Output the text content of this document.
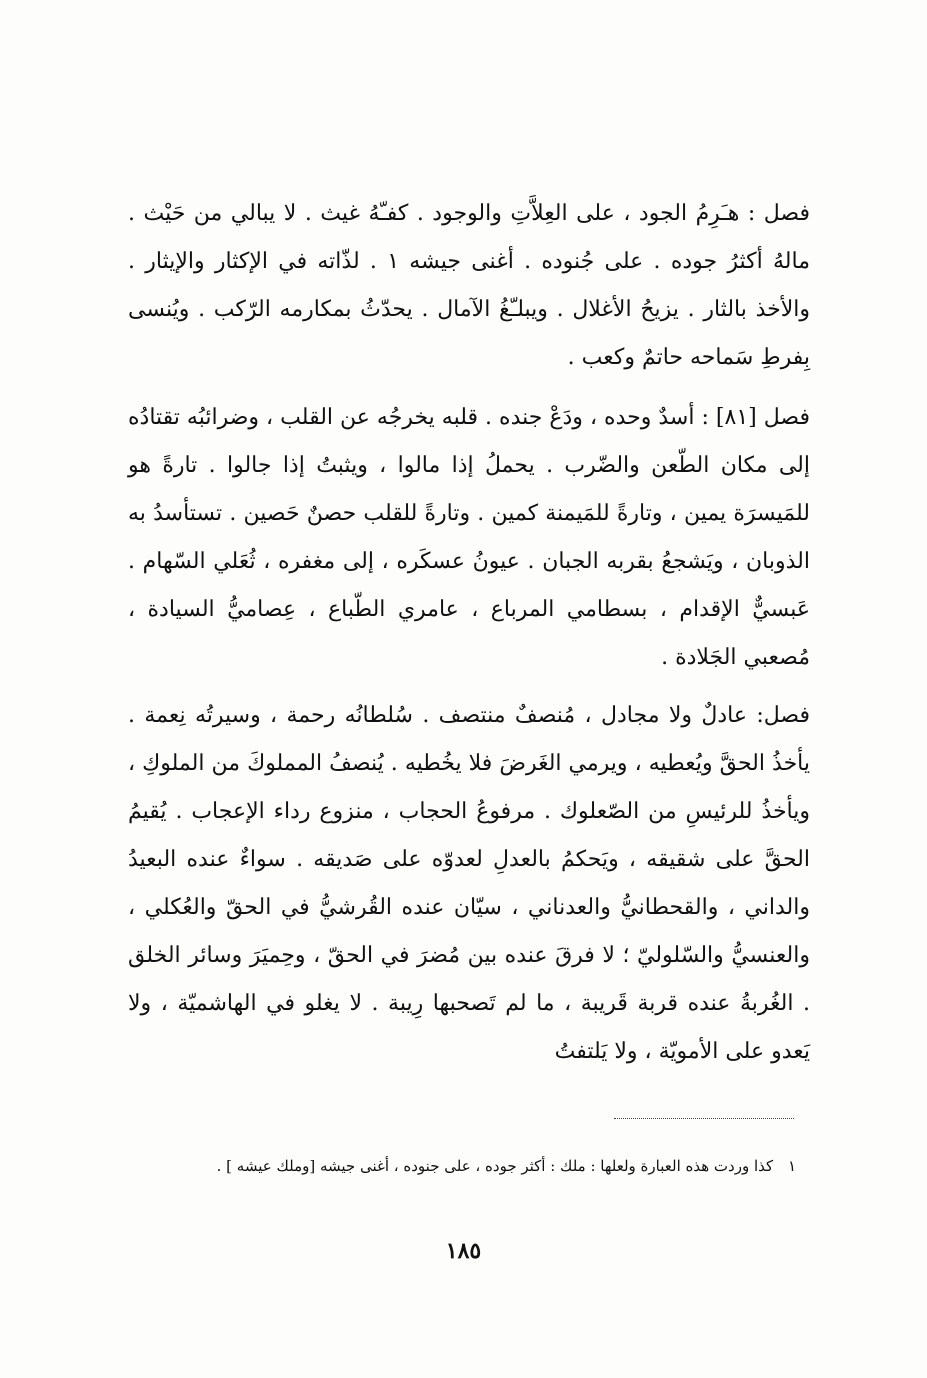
فصل : هـَرِمُ الجود ، على العِلاَّتِ والوجود . كفـّهُ غيث . لا يبالي من حَيْث . مالهُ أكثرُ جوده . على جُنوده . أغنى جيشه ١ . لذّاته في الإكثار والإيثار . والأخذ بالثار . يزيحُ الأغلال . ويبلـّغُ الآمال . يحدّثُ بمكارمه الرّكب . ويُنسى بِفرطِ سَماحه حاتمٌ وكعب .

فصل [٨١] : أسدٌ وحده ، ودَعْ جنده . قلبه يخرجُه عن القلب ، وضرائبُه تقتادُه إلى مكان الطّعن والضّرب . يحملُ إذا مالوا ، ويثبتُ إذا جالوا . تارةً هو للمَيسرَة يمين ، وتارةً للمَيمنة كمين . وتارةً للقلب حصنٌ حَصين . تستأسدُ به الذوبان ، ويَشجعُ بقربه الجبان . عيونُ عسكَره ، إلى مغفره ، ثُعَلي السّهام . عَبسيٌّ الإقدام ، بسطامي المرباع ، عامري الطّباع ، عِصاميُّ السيادة ، مُصعبي الجَلادة .

فصل: عادلٌ ولا مجادل ، مُنصفٌ منتصف . سُلطانُه رحمة ، وسيرتُه نِعمة . يأخذُ الحقَّ ويُعطيه ، ويرمي الغَرضَ فلا يخُطيه . يُنصفُ المملوكَ من الملوكِ ، ويأخذُ للرئيسِ من الصّعلوك . مرفوعُ الحجاب ، منزوع رداء الإعجاب . يُقيمُ الحقَّ على شقيقه ، ويَحكمُ بالعدلِ لعدوّه على صَديقه . سواءٌ عنده البعيدُ والداني ، والقحطانيُّ والعدناني ، سيّان عنده القُرشيُّ في الحقّ والعُكلي ، والعنسيُّ والسّلوليّ ؛ لا فرقَ عنده بين مُضرَ في الحقّ ، وحِميَرَ وسائر الخلق . الغُربةُ عنده قربة قَريبة ، ما لم تَصحبها رِيبة . لا يغلو في الهاشميّة ، ولا يَعدو على الأمويّة ، ولا يَلتفتُ

١ كذا وردت هذه العبارة ولعلها : ملك : أكثر جوده ، على جنوده ، أغنى جيشه [وملك عيشه ] .
١٨٥
